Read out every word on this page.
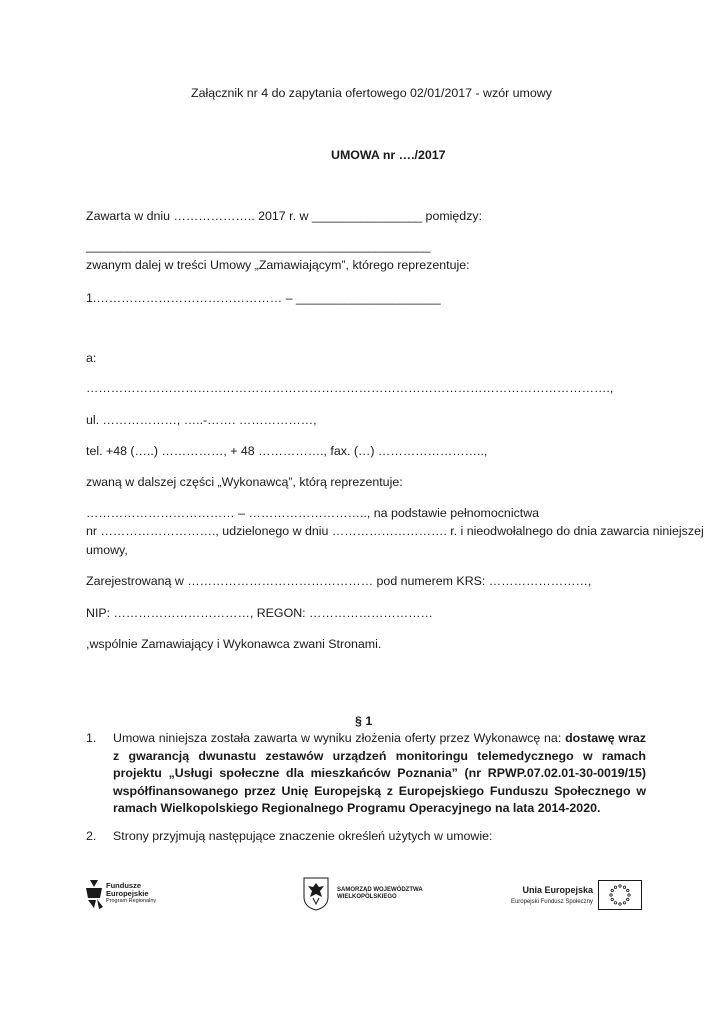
Załącznik nr 4 do zapytania ofertowego 02/01/2017 - wzór umowy
UMOWA nr …./2017
Zawarta w dniu ……………….. 2017 r. w ________________ pomiędzy:
__________________________________________________
zwanym dalej w treści Umowy „Zamawiającym”, którego reprezentuje:
1.……………………………………… – _____________________
a:
……………………………………………………………………………………………………………….,
ul. ………………, …..-……. ………………,
tel. +48 (…..) ……………, + 48 ……………., fax. (…) ……………………..,
zwaną w dalszej części „Wykonawcą”, którą reprezentuje:
……………………………… – ……………………….., na podstawie pełnomocnictwa
nr ………………………., udzielonego w dniu ………………………. r. i nieodwołalnego do dnia zawarcia niniejszej
umowy,
Zarejestrowaną w ……………………………………… pod numerem KRS: ……………………,
NIP: ……………………………, REGON: …………………………
,wspólnie Zamawiający i Wykonawca zwani Stronami.
§ 1
1. Umowa niniejsza została zawarta w wyniku złożenia oferty przez Wykonawcę na: dostawę wraz z gwarancją dwunastu zestawów urządzeń monitoringu telemedycznego w ramach projektu „Usługi społeczne dla mieszkańców Poznania” (nr RPWP.07.02.01-30-0019/15) współfinansowanego przez Unię Europejską z Europejskiego Funduszu Społecznego w ramach Wielkopolskiego Regionalnego Programu Operacyjnego na lata 2014-2020.
2. Strony przyjmują następujące znaczenie określeń użytych w umowie:
Fundusze
Europejskie
Program Regionalny
SAMORZĄD WOJEWÓDZTWA
WIELKOPOLSKIEGO
Unia Europejska
Europejski Fundusz Społeczny
